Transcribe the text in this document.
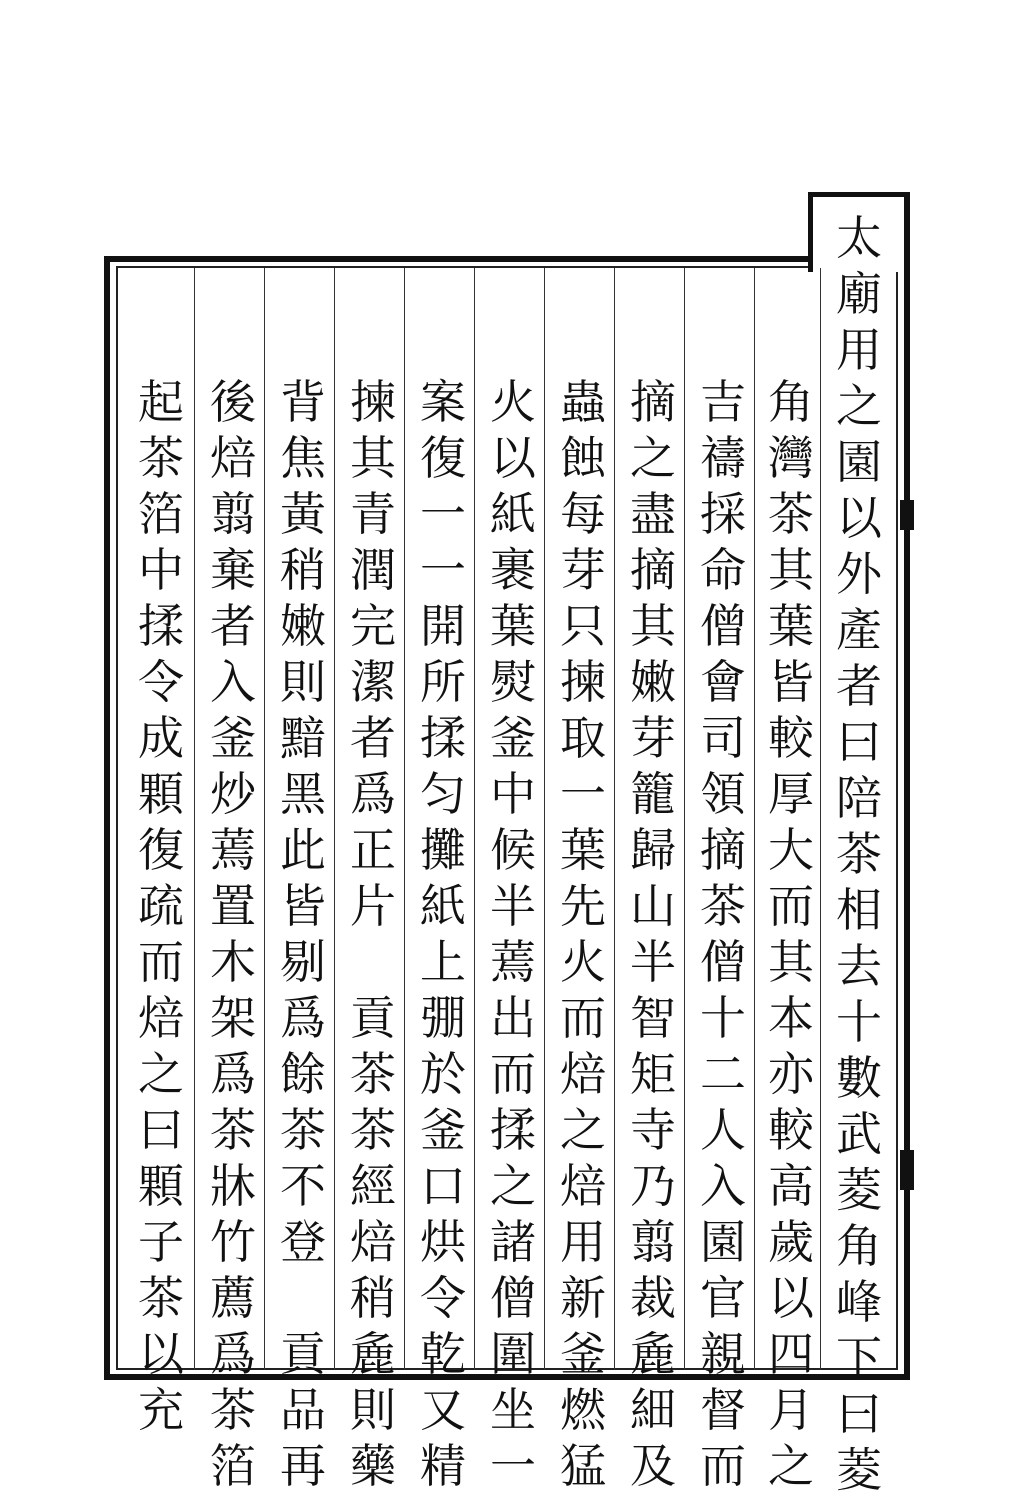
太
廟
用
之
園
以
外
產
者
曰
陪
茶
相
去
十
數
武
菱
角
峰
下
曰
菱
角
灣
茶
其
葉
皆
較
厚
大
而
其
本
亦
較
高
歲
以
四
月
之
吉
禱
採
命
僧
會
司
領
摘
茶
僧
十
二
人
入
園
官
親
督
而
摘
之
盡
摘
其
嫩
芽
籠
歸
山
半
智
矩
寺
乃
翦
裁
麁
細
及
蟲
蝕
每
芽
只
揀
取
一
葉
先
火
而
焙
之
焙
用
新
釜
燃
猛
火
以
紙
裹
葉
熨
釜
中
候
半
蔫
出
而
揉
之
諸
僧
圍
坐
一
案
復
一
一
開
所
揉
匀
攤
紙
上
弸
於
釜
口
烘
令
乾
又
精
揀
其
青
潤
完
潔
者
爲
正
片

貢
茶
茶
經
焙
稍
麁
則
藥
背
焦
黃
稍
嫩
則
黯
黑
此
皆
剔
爲
餘
茶
不
登

貢
品
再
後
焙
翦
棄
者
入
釜
炒
蔫
置
木
架
爲
茶
牀
竹
薦
爲
茶
箔
起
茶
箔
中
揉
令
成
顆
復
疏
而
焙
之
曰
顆
子
茶
以
充
